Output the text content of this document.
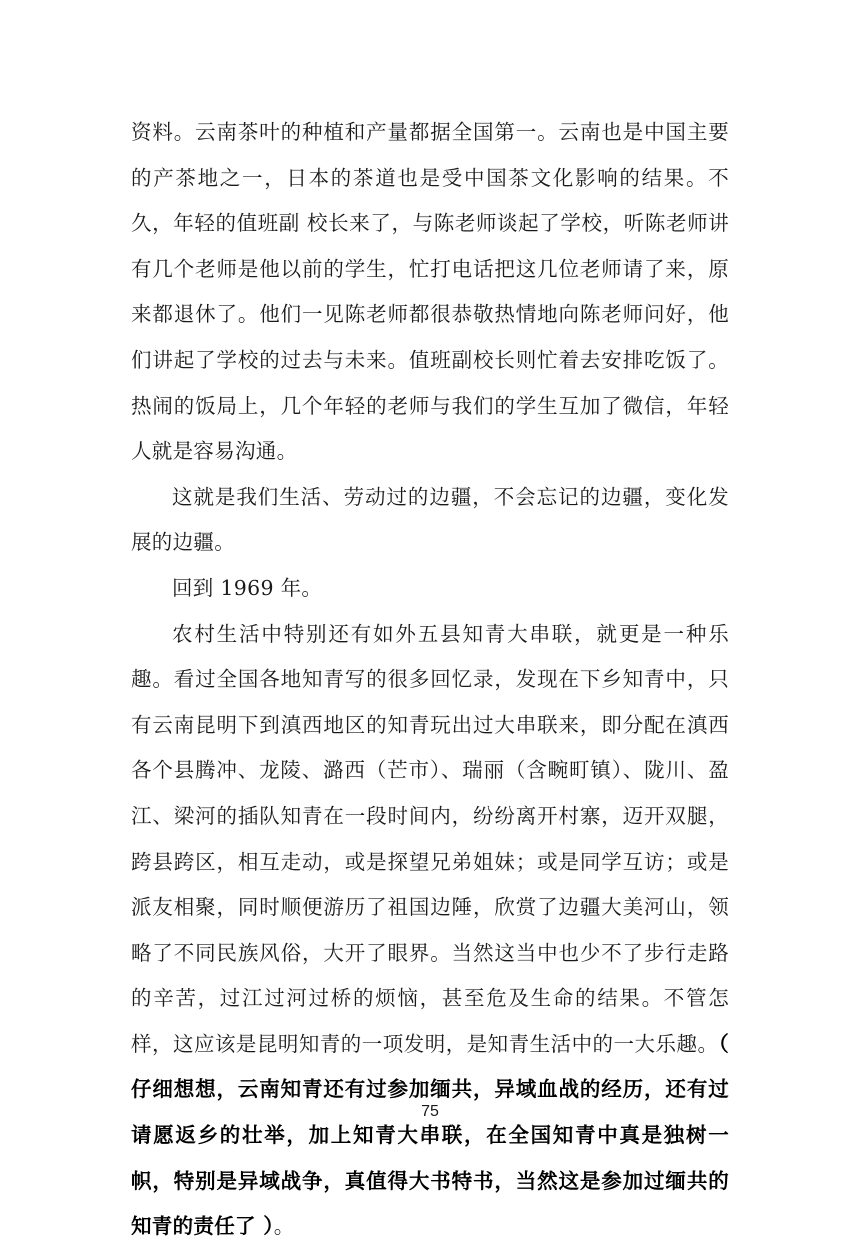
资料。云南茶叶的种植和产量都据全国第一。云南也是中国主要的产茶地之一，日本的茶道也是受中国茶文化影响的结果。不久，年轻的值班副 校长来了，与陈老师谈起了学校，听陈老师讲有几个老师是他以前的学生，忙打电话把这几位老师请了来，原来都退休了。他们一见陈老师都很恭敬热情地向陈老师问好，他们讲起了学校的过去与未来。值班副校长则忙着去安排吃饭了。热闹的饭局上，几个年轻的老师与我们的学生互加了微信，年轻人就是容易沟通。

这就是我们生活、劳动过的边疆，不会忘记的边疆，变化发展的边疆。

回到 1969 年。

农村生活中特别还有如外五县知青大串联，就更是一种乐趣。看过全国各地知青写的很多回忆录，发现在下乡知青中，只有云南昆明下到滇西地区的知青玩出过大串联来，即分配在滇西各个县腾冲、龙陵、潞西（芒市）、瑞丽（含畹町镇）、陇川、盈江、梁河的插队知青在一段时间内，纷纷离开村寨，迈开双腿，跨县跨区，相互走动，或是探望兄弟姐妹；或是同学互访；或是派友相聚，同时顺便游历了祖国边陲，欣赏了边疆大美河山，领略了不同民族风俗，大开了眼界。当然这当中也少不了步行走路的辛苦，过江过河过桥的烦恼，甚至危及生命的结果。不管怎样，这应该是昆明知青的一项发明，是知青生活中的一大乐趣。（ 仔细想想，云南知青还有过参加缅共，异域血战的经历，还有过请愿返乡的壮举，加上知青大串联，在全国知青中真是独树一帜，特别是异域战争，真值得大书特书，当然这是参加过缅共的知青的责任了 ）。

75
